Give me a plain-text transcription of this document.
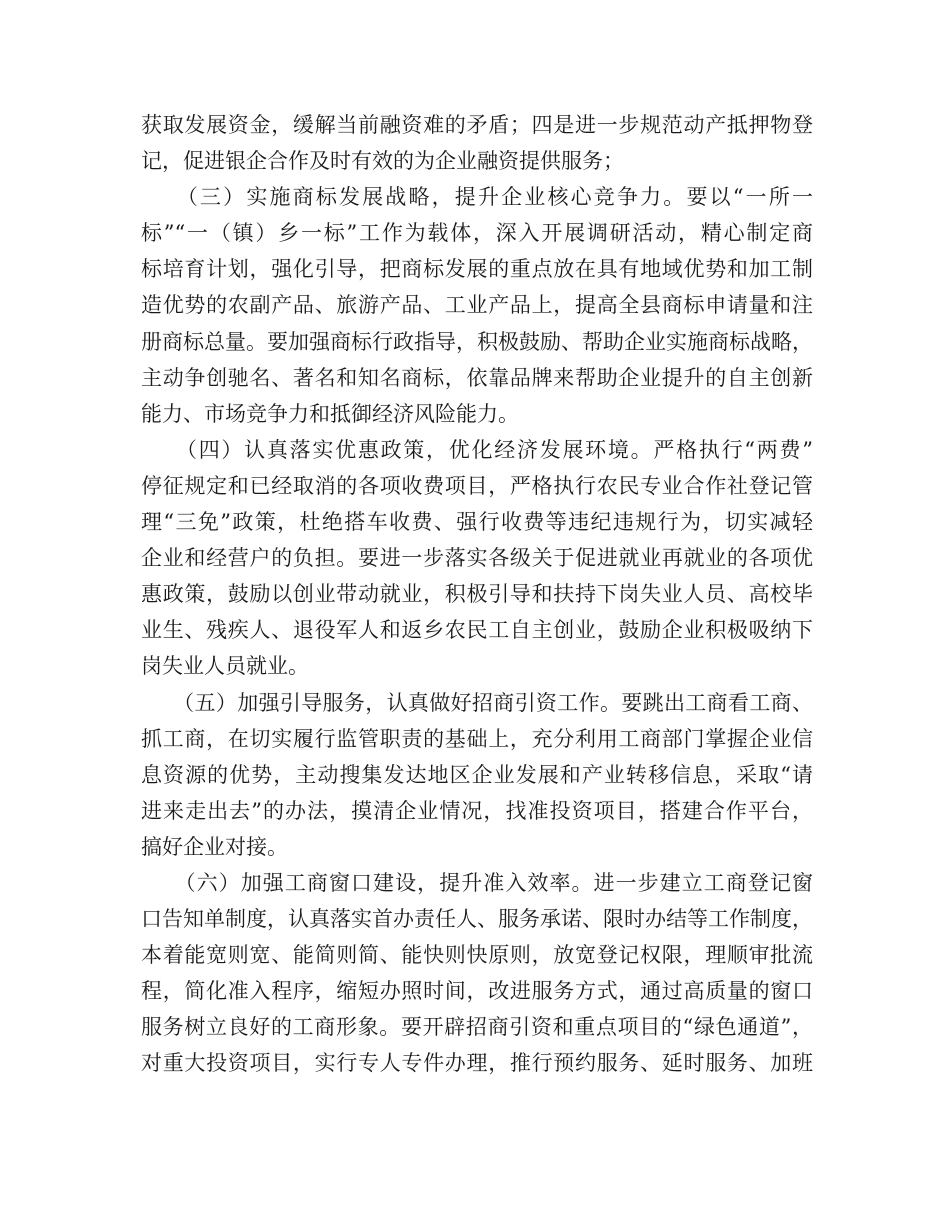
获取发展资金，缓解当前融资难的矛盾；四是进一步规范动产抵押物登
记，促进银企合作及时有效的为企业融资提供服务；
　　（三）实施商标发展战略，提升企业核心竞争力。要以“一所一
标”“一（镇）乡一标”工作为载体，深入开展调研活动，精心制定商
标培育计划，强化引导，把商标发展的重点放在具有地域优势和加工制
造优势的农副产品、旅游产品、工业产品上，提高全县商标申请量和注
册商标总量。要加强商标行政指导，积极鼓励、帮助企业实施商标战略，
主动争创驰名、著名和知名商标，依靠品牌来帮助企业提升的自主创新
能力、市场竞争力和抵御经济风险能力。
　　（四）认真落实优惠政策，优化经济发展环境。严格执行“两费”
停征规定和已经取消的各项收费项目，严格执行农民专业合作社登记管
理“三免”政策，杜绝搭车收费、强行收费等违纪违规行为，切实减轻
企业和经营户的负担。要进一步落实各级关于促进就业再就业的各项优
惠政策，鼓励以创业带动就业，积极引导和扶持下岗失业人员、高校毕
业生、残疾人、退役军人和返乡农民工自主创业，鼓励企业积极吸纳下
岗失业人员就业。
　　（五）加强引导服务，认真做好招商引资工作。要跳出工商看工商、
抓工商，在切实履行监管职责的基础上，充分利用工商部门掌握企业信
息资源的优势，主动搜集发达地区企业发展和产业转移信息，采取“请
进来走出去”的办法，摸清企业情况，找准投资项目，搭建合作平台，
搞好企业对接。
　　（六）加强工商窗口建设，提升准入效率。进一步建立工商登记窗
口告知单制度，认真落实首办责任人、服务承诺、限时办结等工作制度，
本着能宽则宽、能简则简、能快则快原则，放宽登记权限，理顺审批流
程，简化准入程序，缩短办照时间，改进服务方式，通过高质量的窗口
服务树立良好的工商形象。要开辟招商引资和重点项目的“绿色通道”，
对重大投资项目，实行专人专件办理，推行预约服务、延时服务、加班
